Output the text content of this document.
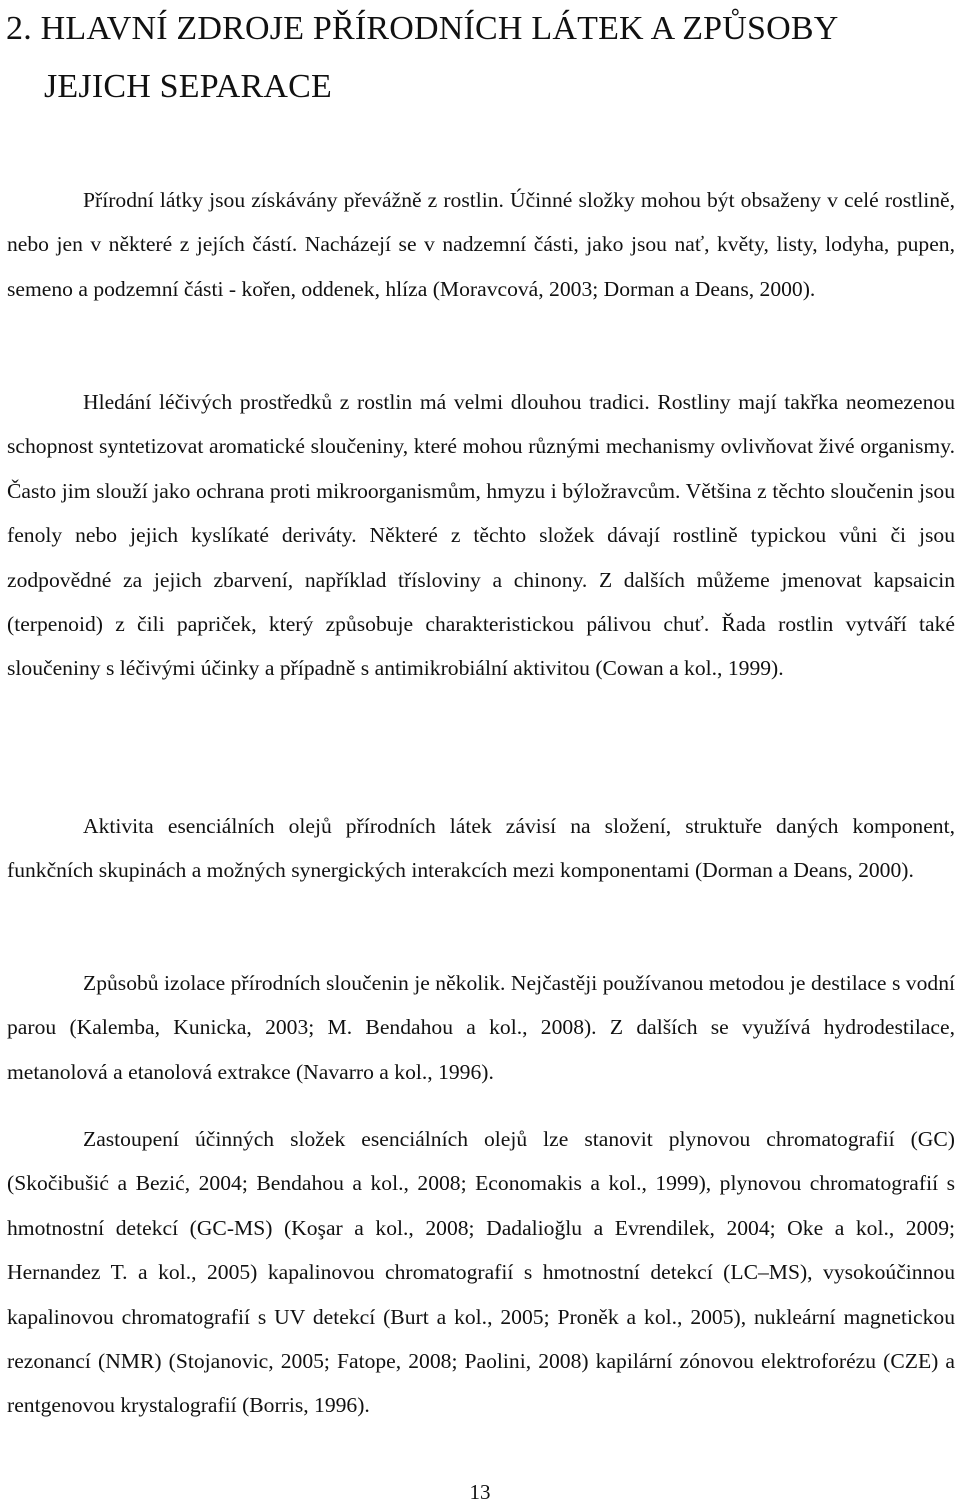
2. HLAVNÍ ZDROJE PŘÍRODNÍCH LÁTEK A ZPŮSOBY
JEJICH SEPARACE

Přírodní látky jsou získávány převážně z rostlin. Účinné složky mohou být obsaženy v celé rostlině, nebo jen v některé z jejích částí. Nacházejí se v nadzemní části, jako jsou nať, květy, listy, lodyha, pupen, semeno a podzemní části - kořen, oddenek, hlíza (Moravcová, 2003; Dorman a Deans, 2000).

Hledání léčivých prostředků z rostlin má velmi dlouhou tradici. Rostliny mají takřka neomezenou schopnost syntetizovat aromatické sloučeniny, které mohou různými mechanismy ovlivňovat živé organismy. Často jim slouží jako ochrana proti mikroorganismům, hmyzu i býložravcům. Většina z těchto sloučenin jsou fenoly nebo jejich kyslíkaté deriváty. Některé z těchto složek dávají rostlině typickou vůni či jsou zodpovědné za jejich zbarvení, například třísloviny a chinony. Z dalších můžeme jmenovat kapsaicin (terpenoid) z čili papriček, který způsobuje charakteristickou pálivou chuť. Řada rostlin vytváří také sloučeniny s léčivými účinky a případně s antimikrobiální aktivitou (Cowan a kol., 1999).

Aktivita esenciálních olejů přírodních látek závisí na složení, struktuře daných komponent, funkčních skupinách a možných synergických interakcích mezi komponentami (Dorman a Deans, 2000).

Způsobů izolace přírodních sloučenin je několik. Nejčastěji používanou metodou je destilace s vodní parou (Kalemba, Kunicka, 2003; M. Bendahou a kol., 2008). Z dalších se využívá hydrodestilace, metanolová a etanolová extrakce (Navarro a kol., 1996).

Zastoupení účinných složek esenciálních olejů lze stanovit plynovou chromatografií (GC) (Skočibušić a Bezić, 2004; Bendahou a kol., 2008; Economakis a kol., 1999), plynovou chromatografií s hmotnostní detekcí (GC-MS) (Koşar a kol., 2008; Dadalioğlu a Evrendilek, 2004; Oke a kol., 2009; Hernandez T. a kol., 2005) kapalinovou chromatografií s hmotnostní detekcí (LC–MS), vysokoúčinnou kapalinovou chromatografií s UV detekcí (Burt a kol., 2005; Proněk a kol., 2005), nukleární magnetickou rezonancí (NMR) (Stojanovic, 2005; Fatope, 2008; Paolini, 2008) kapilární zónovou elektroforézu (CZE) a rentgenovou krystalografií (Borris, 1996).

13
